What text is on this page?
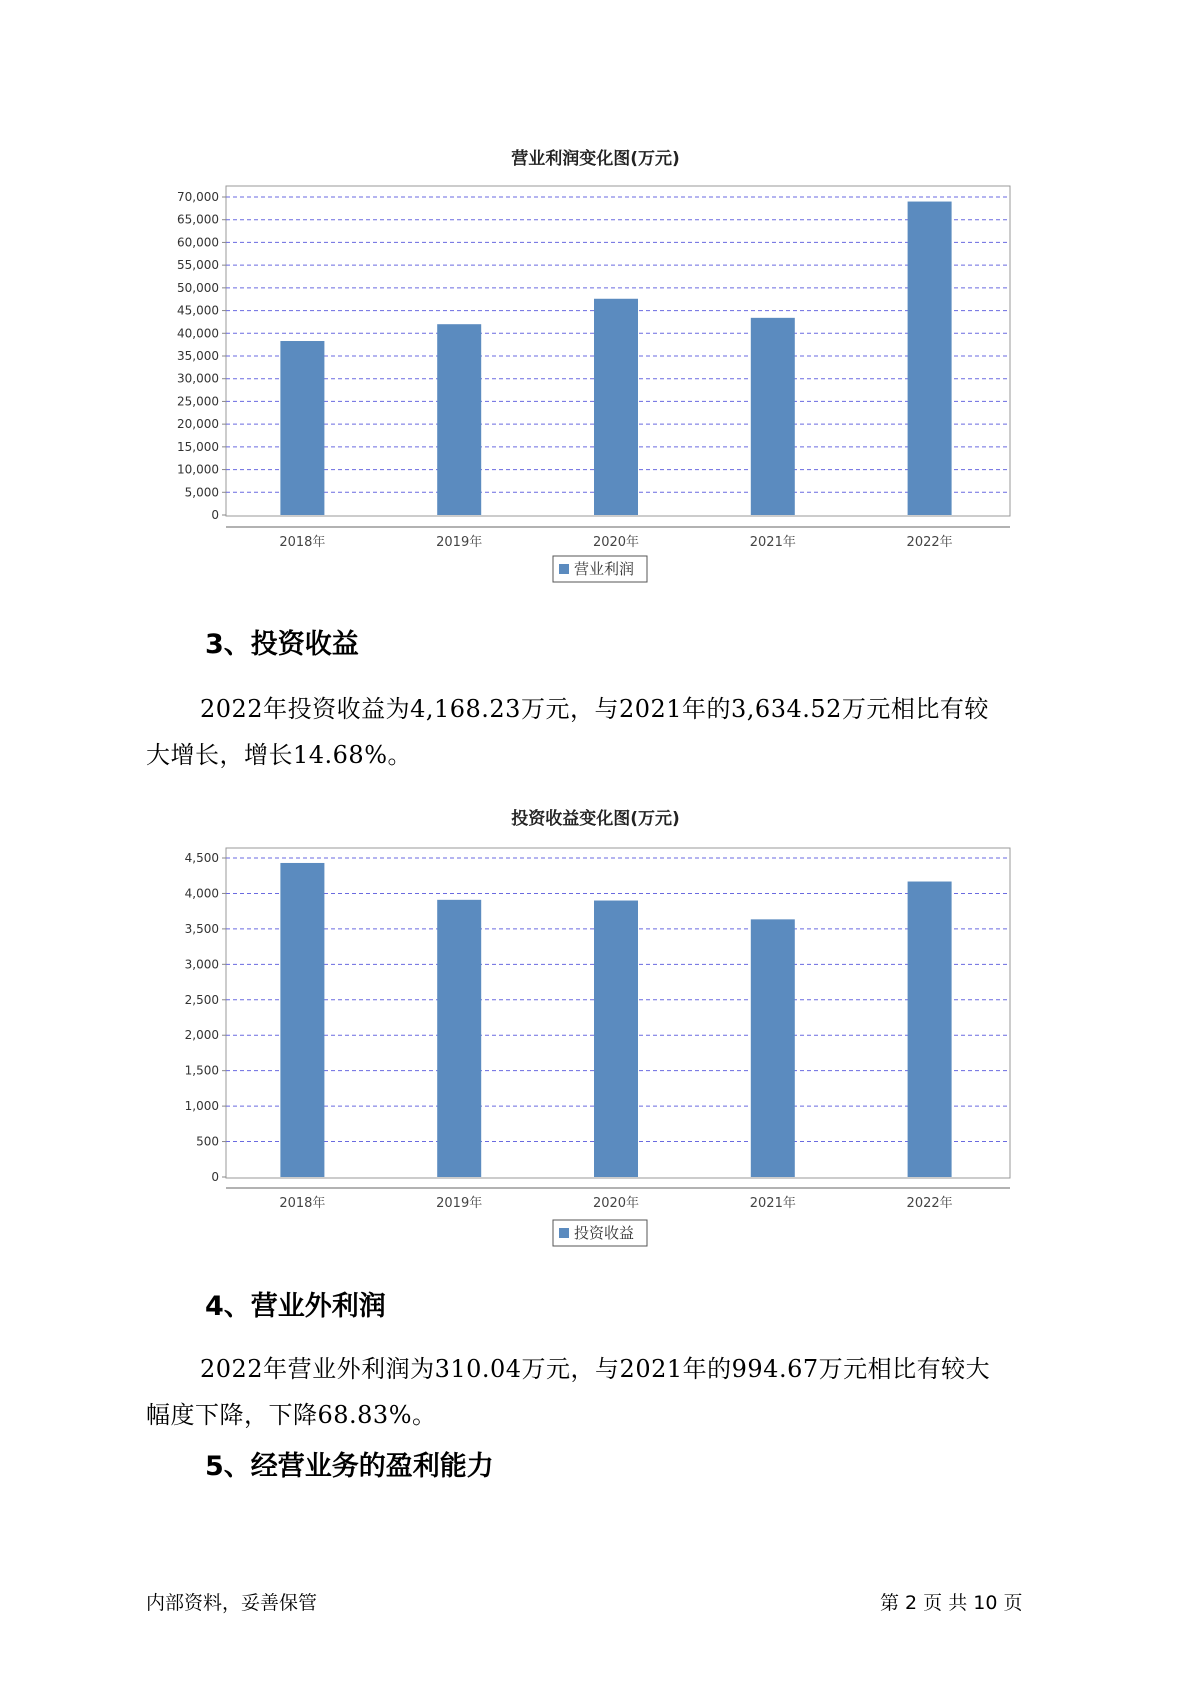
营业利润变化图(万元)
0
5,000
10,000
15,000
20,000
25,000
30,000
35,000
40,000
45,000
50,000
55,000
60,000
65,000
70,000
2018年	2019年	2020年	2021年	2022年
营业利润
3、投资收益
2022年投资收益为4,168.23万元，与2021年的3,634.52万元相比有较
大增长，增长14.68%。
投资收益变化图(万元)
0
500
1,000
1,500
2,000
2,500
3,000
3,500
4,000
4,500
2018年	2019年	2020年	2021年	2022年
投资收益
4、营业外利润
2022年营业外利润为310.04万元，与2021年的994.67万元相比有较大
幅度下降，下降68.83%。
5、经营业务的盈利能力
内部资料，妥善保管	第 2 页 共 10 页
